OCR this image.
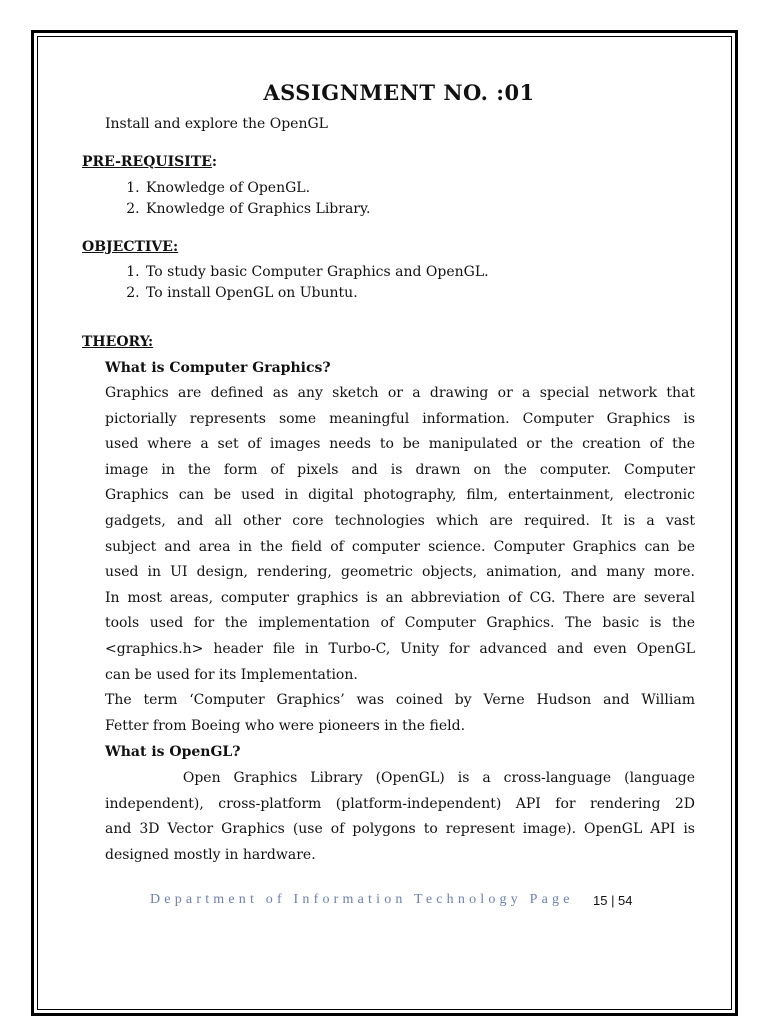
ASSIGNMENT NO. :01

Install and explore the OpenGL

PRE-REQUISITE:

1. Knowledge of OpenGL.
2. Knowledge of Graphics Library.

OBJECTIVE:

1. To study basic Computer Graphics and OpenGL.
2. To install OpenGL on Ubuntu.

THEORY:

What is Computer Graphics?

Graphics are defined as any sketch or a drawing or a special network that
pictorially represents some meaningful information. Computer Graphics is
used where a set of images needs to be manipulated or the creation of the
image in the form of pixels and is drawn on the computer. Computer
Graphics can be used in digital photography, film, entertainment, electronic
gadgets, and all other core technologies which are required. It is a vast
subject and area in the field of computer science. Computer Graphics can be
used in UI design, rendering, geometric objects, animation, and many more.
In most areas, computer graphics is an abbreviation of CG. There are several
tools used for the implementation of Computer Graphics. The basic is the
<graphics.h> header file in Turbo-C, Unity for advanced and even OpenGL
can be used for its Implementation.
The term ‘Computer Graphics’ was coined by Verne Hudson and William
Fetter from Boeing who were pioneers in the field.

What is OpenGL?

Open Graphics Library (OpenGL) is a cross-language (language
independent), cross-platform (platform-independent) API for rendering 2D
and 3D Vector Graphics (use of polygons to represent image). OpenGL API is
designed mostly in hardware.
Department of Information Technology Page 15 | 54
